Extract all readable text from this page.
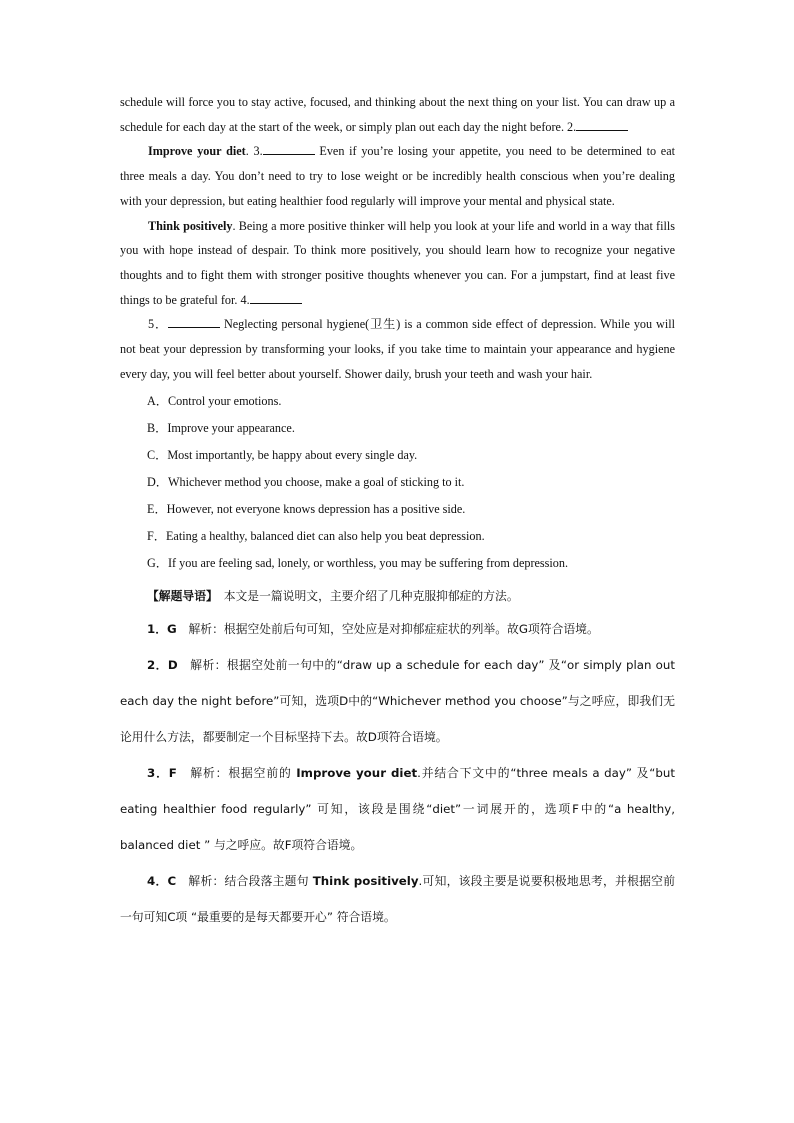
schedule will force you to stay active, focused, and thinking about the next thing on your list. You can draw up a schedule for each day at the start of the week, or simply plan out each day the night before. 2.

Improve your diet. 3.	Even if you’re losing your appetite, you need to be determined to eat three meals a day. You don’t need to try to lose weight or be incredibly health conscious when you’re dealing with your depression, but eating healthier food regularly will improve your mental and physical state.

Think positively. Being a more positive thinker will help you look at your life and world in a way that fills you with hope instead of despair. To think more positively, you should learn how to recognize your negative thoughts and to fight them with stronger positive thoughts whenever you can. For a jumpstart, find at least five things to be grateful for. 4.

5．	Neglecting personal hygiene(卫生) is a common side effect of depression. While you will not beat your depression by transforming your looks, if you take time to maintain your appearance and hygiene every day, you will feel better about yourself. Shower daily, brush your teeth and wash your hair.

A．Control your emotions.

B．Improve your appearance.

C．Most importantly, be happy about every single day.

D．Whichever method you choose, make a goal of sticking to it.

E．However, not everyone knows depression has a positive side.

F．Eating a healthy, balanced diet can also help you beat depression.

G．If you are feeling sad, lonely, or worthless, you may be suffering from depression.

【解题导语】　本文是一篇说明文，主要介绍了几种克服抑郁症的方法。

1．G　解析：根据空处前后句可知，空处应是对抑郁症症状的列举。故G项符合语境。

2．D　解析：根据空处前一句中的“draw up a schedule for each day” 及“or simply plan out each day the night before”可知，选项D中的“Whichever method you choose”与之呼应，即我们无论用什么方法，都要制定一个目标坚持下去。故D项符合语境。

3．F　解析：根据空前的 Improve your diet.并结合下文中的“three meals a day” 及“but eating healthier food regularly” 可知，该段是围绕“diet”一词展开的，选项F中的“a healthy, balanced diet ” 与之呼应。故F项符合语境。

4．C　解析：结合段落主题句 Think positively.可知，该段主要是说要积极地思考，并根据空前一句可知C项 “最重要的是每天都要开心” 符合语境。
